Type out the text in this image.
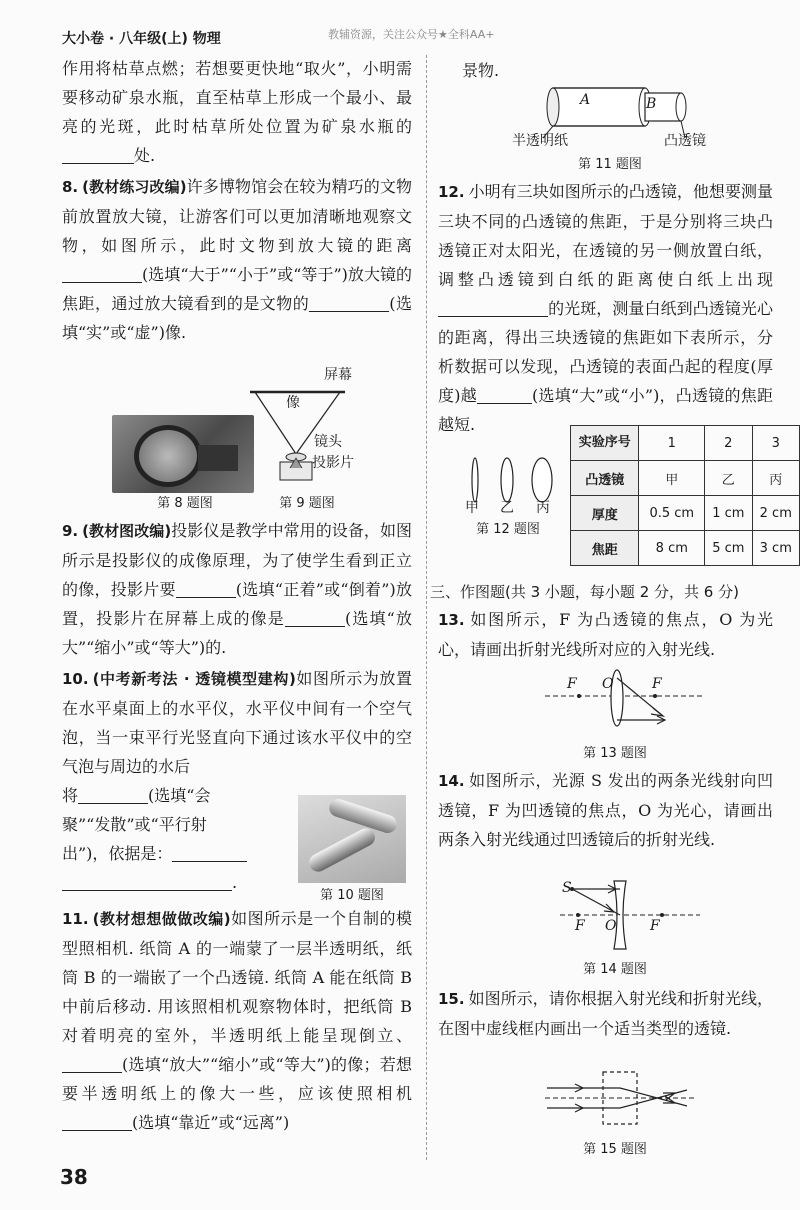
大小卷 · 八年级(上) 物理	教辅资源，关注公众号★全科AA+

作用将枯草点燃；若想要更快地“取火”，小明需要移动矿泉水瓶，直至枯草上形成一个最小、最亮的光斑，此时枯草所处位置为矿泉水瓶的处.

8. (教材练习改编)许多博物馆会在较为精巧的文物前放置放大镜，让游客们可以更加清晰地观察文物，如图所示，此时文物到放大镜的距离(选填“大于”“小于”或“等于”)放大镜的焦距，通过放大镜看到的是文物的	(选填“实”或“虚”)像.

第 8 题图
屏幕
像
镜头
投影片
第 9 题图

9. (教材图改编)投影仪是教学中常用的设备，如图所示是投影仪的成像原理，为了使学生看到正立的像，投影片要	(选填“正着”或“倒着”)放置，投影片在屏幕上成的像是	(选填“放大”“缩小”或“等大”)的.

10. (中考新考法 · 透镜模型建构)如图所示为放置在水平桌面上的水平仪，水平仪中间有一个空气泡，当一束平行光竖直向下通过该水平仪中的空气泡与周边的水后

将	(选填“会
聚”“发散”或“平行射
出”)，依据是：
.
第 10 题图

11. (教材想想做做改编)如图所示是一个自制的模型照相机. 纸筒 A 的一端蒙了一层半透明纸，纸筒 B 的一端嵌了一个凸透镜. 纸筒 A 能在纸筒 B 中前后移动. 用该照相机观察物体时，把纸筒 B 对着明亮的室外，半透明纸上能呈现倒立、(选填“放大”“缩小”或“等大”)的像；若想要半透明纸上的像大一些，应该使照相机(选填“靠近”或“远离”)

38
景物.
A	B
半透明纸	凸透镜
第 11 题图

12. 小明有三块如图所示的凸透镜，他想要测量三块不同的凸透镜的焦距，于是分别将三块凸透镜正对太阳光，在透镜的另一侧放置白纸，调整凸透镜到白纸的距离使白纸上出现的光斑，测量白纸到凸透镜光心的距离，得出三块透镜的焦距如下表所示，分析数据可以发现，凸透镜的表面凸起的程度(厚度)越	(选填“大”或“小”)，凸透镜的焦距越短.

甲 乙 丙
第 12 题图
实验序号	1	2	3
凸透镜	甲	乙	丙
厚度	0.5 cm	1 cm	2 cm
焦距	8 cm	5 cm	3 cm
三、作图题(共 3 小题，每小题 2 分，共 6 分)

13. 如图所示，F 为凸透镜的焦点，O 为光心，请画出折射光线所对应的入射光线.

F O	F
第 13 题图

14. 如图所示，光源 S 发出的两条光线射向凹透镜，F 为凹透镜的焦点，O 为光心，请画出两条入射光线通过凹透镜后的折射光线.

S
F O F
第 14 题图

15. 如图所示，请你根据入射光线和折射光线，在图中虚线框内画出一个适当类型的透镜.

第 15 题图
